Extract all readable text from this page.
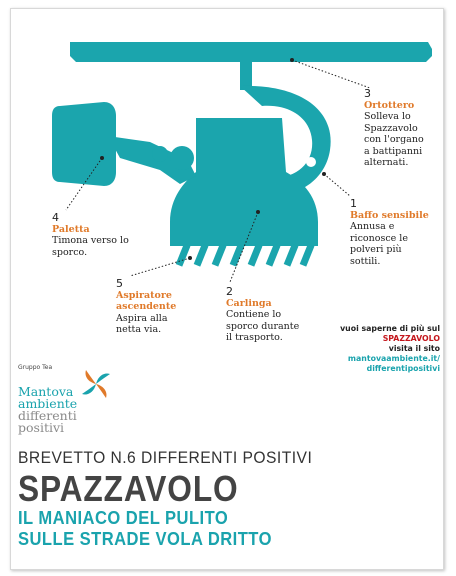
3
Ortottero
Solleva lo
Spazzavolo
con l'organo
a battipanni
alternati.
1
Baffo sensibile
Annusa e
riconosce le
polveri più
sottili.
4
Paletta
Timona verso lo
sporco.
5
Aspiratore
ascendente
Aspira alla
netta via.
2
Carlinga
Contiene lo
sporco durante
il trasporto.
vuoi saperne di più sul
SPAZZAVOLO
visita il sito
mantovaambiente.it/
differentipositivi
Gruppo Tea
Mantova
ambiente
differenti
positivi
BREVETTO N.6 DIFFERENTI POSITIVI
SPAZZAVOLO
IL MANIACO DEL PULITO
SULLE STRADE VOLA DRITTO
